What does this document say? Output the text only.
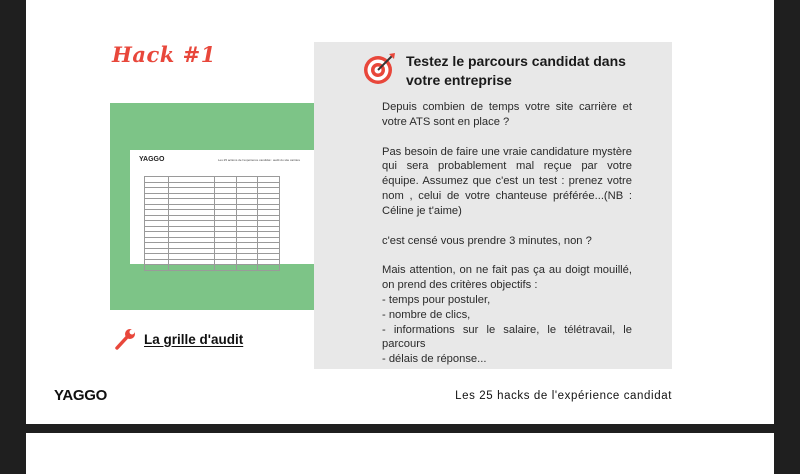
Hack #1
YAGGO	Les 25 actions de l'expérience candidat : audit du site carrière

Testez le parcours candidat dans votre entreprise

Depuis combien de temps votre site carrière et votre ATS sont en place ?

Pas besoin de faire une vraie candidature mystère qui sera probablement mal reçue par votre équipe. Assumez que c'est un test : prenez votre nom , celui de votre chanteuse préférée...(NB : Céline je t'aime)

c'est censé vous prendre 3 minutes, non ?

Mais attention, on ne fait pas ça au doigt mouillé, on prend des critères objectifs :

- temps pour postuler,
- nombre de clics,
- informations sur le salaire, le télétravail, le parcours
- délais de réponse...
La grille d'audit
YAGGO	Les 25 hacks de l'expérience candidat
